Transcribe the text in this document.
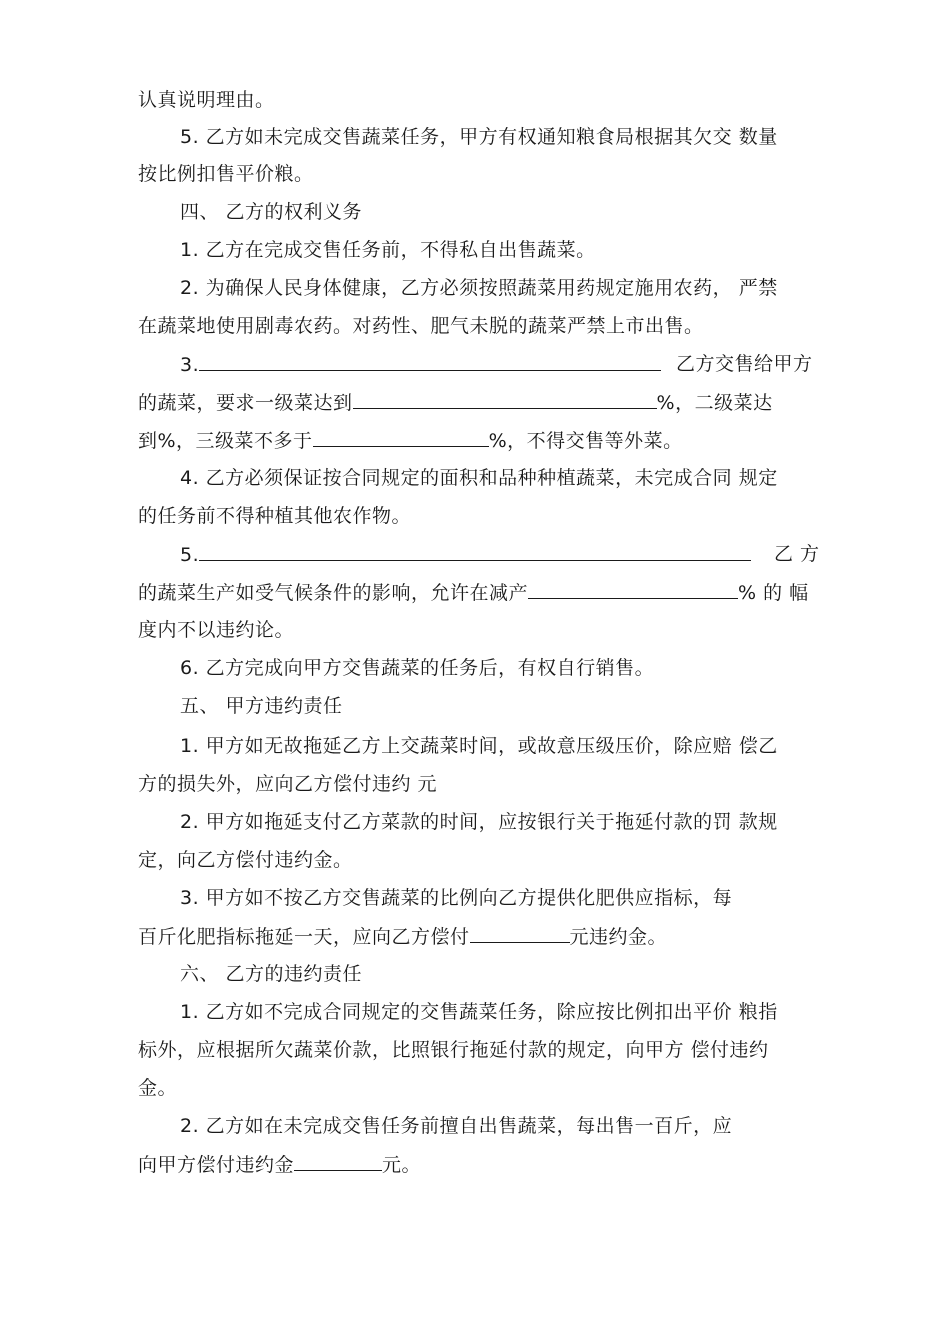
认真说明理由。
5. 乙方如未完成交售蔬菜任务，甲方有权通知粮食局根据其欠交 数量
按比例扣售平价粮。
四、 乙方的权利义务
1. 乙方在完成交售任务前，不得私自出售蔬菜。
2. 为确保人民身体健康，乙方必须按照蔬菜用药规定施用农药， 严禁
在蔬菜地使用剧毒农药。对药性、肥气未脱的蔬菜严禁上市出售。
3.	乙方交售给甲方
的蔬菜，要求一级菜达到	%，二级菜达
到%，三级菜不多于	%，不得交售等外菜。
4. 乙方必须保证按合同规定的面积和品种种植蔬菜，未完成合同 规定
的任务前不得种植其他农作物。
5.	乙 方
的蔬菜生产如受气候条件的影响，允许在减产	% 的 幅
度内不以违约论。
6. 乙方完成向甲方交售蔬菜的任务后，有权自行销售。
五、 甲方违约责任
1. 甲方如无故拖延乙方上交蔬菜时间，或故意压级压价，除应赔 偿乙
方的损失外，应向乙方偿付违约 元
2. 甲方如拖延支付乙方菜款的时间，应按银行关于拖延付款的罚 款规
定，向乙方偿付违约金。
3. 甲方如不按乙方交售蔬菜的比例向乙方提供化肥供应指标，每
百斤化肥指标拖延一天，应向乙方偿付	元违约金。
六、 乙方的违约责任
1. 乙方如不完成合同规定的交售蔬菜任务，除应按比例扣出平价 粮指
标外，应根据所欠蔬菜价款，比照银行拖延付款的规定，向甲方 偿付违约
金。
2. 乙方如在未完成交售任务前擅自出售蔬菜，每出售一百斤，应
向甲方偿付违约金	元。
